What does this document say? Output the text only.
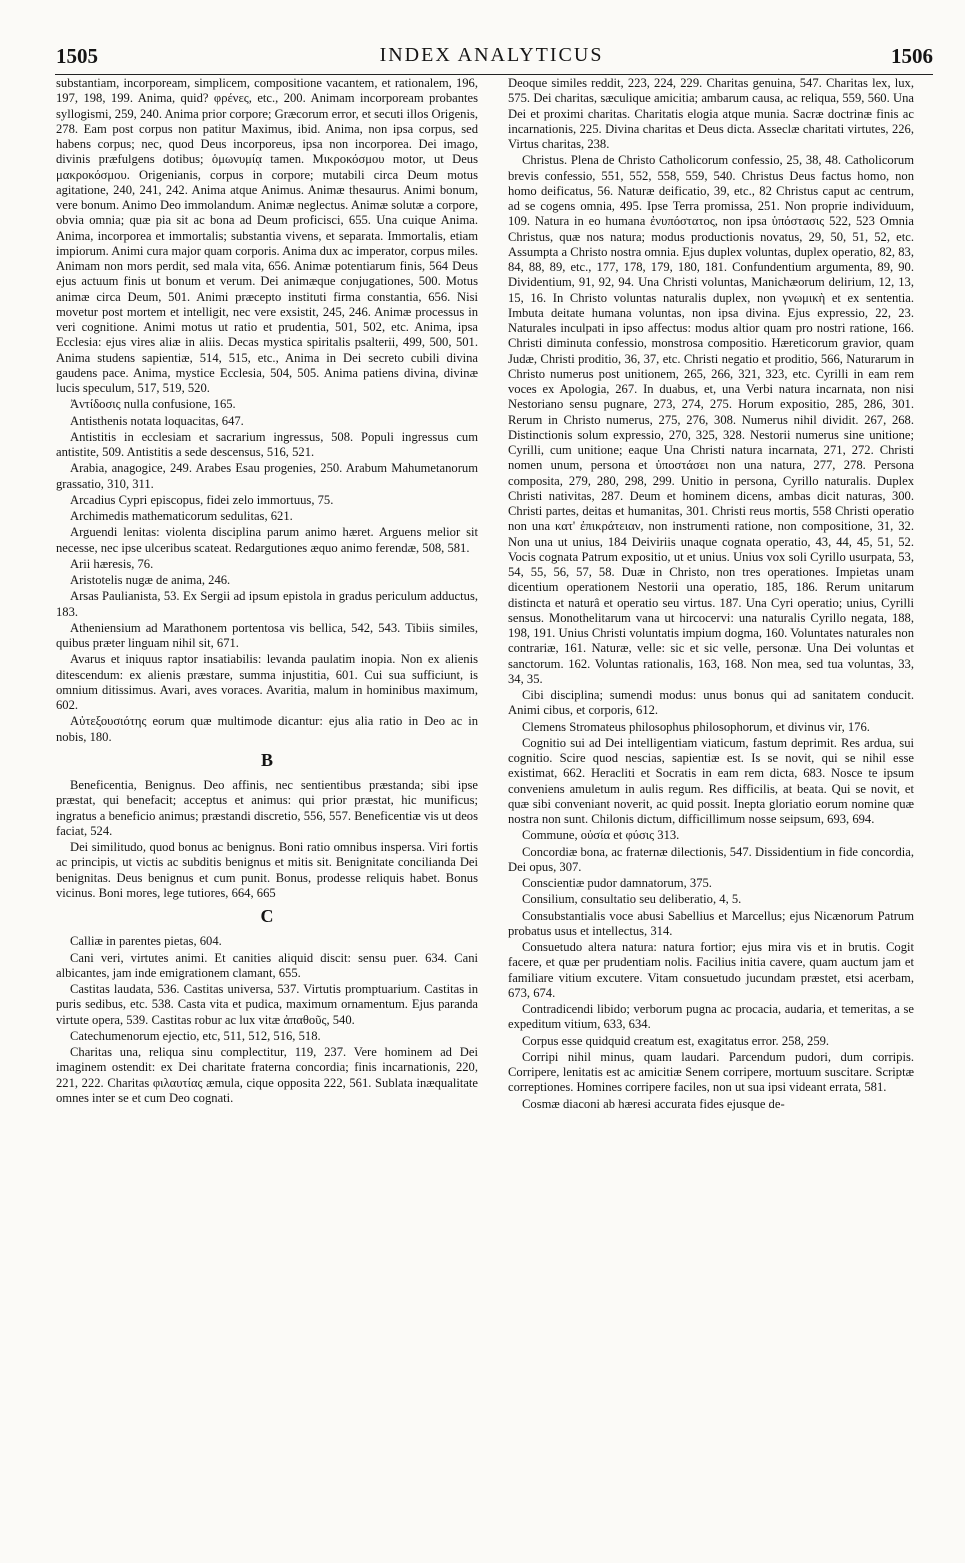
1505	INDEX ANALYTICUS	1506

substantiam, incorpoream, simplicem, compositione vacantem, et rationalem, 196, 197, 198, 199. Anima, quid? φρένες, etc., 200. Animam incorpoream probantes syllogismi, 259, 240. Anima prior corpore; Græcorum error, et secuti illos Origenis, 278. Eam post corpus non patitur Maximus, ibid. Anima, non ipsa corpus, sed habens corpus; nec, quod Deus incorporeus, ipsa non incorporea. Dei imago, divinis præfulgens dotibus; ὁμωνυμίᾳ tamen. Μικροκόσμου motor, ut Deus μακροκόσμου. Origenianis, corpus in corpore; mutabili circa Deum motus agitatione, 240, 241, 242. Anima atque Animus. Animæ thesaurus. Animi bonum, vere bonum. Animo Deo immolandum. Animæ neglectus. Animæ solutæ a corpore, obvia omnia; quæ pia sit ac bona ad Deum proficisci, 655. Una cuique Anima. Anima, incorporea et immortalis; substantia vivens, et separata. Immortalis, etiam impiorum. Animi cura major quam corporis. Anima dux ac imperator, corpus miles. Animam non mors perdit, sed mala vita, 656. Animæ potentiarum finis, 564 Deus ejus actuum finis ut bonum et verum. Dei animæque conjugationes, 500. Motus animæ circa Deum, 501. Animi præcepto instituti firma constantia, 656. Nisi movetur post mortem et intelligit, nec vere exsistit, 245, 246. Animæ processus in veri cognitione. Animi motus ut ratio et prudentia, 501, 502, etc. Anima, ipsa Ecclesia: ejus vires aliæ in aliis. Decas mystica spiritalis psalterii, 499, 500, 501. Anima studens sapientiæ, 514, 515, etc., Anima in Dei secreto cubili divina gaudens pace. Anima, mystice Ecclesia, 504, 505. Anima patiens divina, divinæ lucis speculum, 517, 519, 520.

Ἀντίδοσις nulla confusione, 165.

Antisthenis notata loquacitas, 647.

Antistitis in ecclesiam et sacrarium ingressus, 508. Populi ingressus cum antistite, 509. Antistitis a sede descensus, 516, 521.

Arabia, anagogice, 249. Arabes Esau progenies, 250. Arabum Mahumetanorum grassatio, 310, 311.

Arcadius Cypri episcopus, fidei zelo immortuus, 75.

Archimedis mathematicorum sedulitas, 621.

Arguendi lenitas: violenta disciplina parum animo hæret. Arguens melior sit necesse, nec ipse ulceribus scateat. Redargutiones æquo animo ferendæ, 508, 581.

Arii hæresis, 76.

Aristotelis nugæ de anima, 246.

Arsas Paulianista, 53. Ex Sergii ad ipsum epistola in gradus periculum adductus, 183.

Atheniensium ad Marathonem portentosa vis bellica, 542, 543. Tibiis similes, quibus præter linguam nihil sit, 671.

Avarus et iniquus raptor insatiabilis: levanda paulatim inopia. Non ex alienis ditescendum: ex alienis præstare, summa injustitia, 601. Cui sua sufficiunt, is omnium ditissimus. Avari, aves voraces. Avaritia, malum in hominibus maximum, 602.

Αὐτεξουσιότης eorum quæ multimode dicantur: ejus alia ratio in Deo ac in nobis, 180.

B

Beneficentia, Benignus. Deo affinis, nec sentientibus præstanda; sibi ipse præstat, qui benefacit; acceptus et animus: qui prior præstat, hic munificus; ingratus a beneficio animus; præstandi discretio, 556, 557. Beneficentiæ vis ut deos faciat, 524.

Dei similitudo, quod bonus ac benignus. Boni ratio omnibus inspersa. Viri fortis ac principis, ut victis ac subditis benignus et mitis sit. Benignitate concilianda Dei benignitas. Deus benignus et cum punit. Bonus, prodesse reliquis habet. Bonus vicinus. Boni mores, lege tutiores, 664, 665

C

Calliæ in parentes pietas, 604.

Cani veri, virtutes animi. Et canities aliquid discit: sensu puer. 634. Cani albicantes, jam inde emigrationem clamant, 655.

Castitas laudata, 536. Castitas universa, 537. Virtutis promptuarium. Castitas in puris sedibus, etc. 538. Casta vita et pudica, maximum ornamentum. Ejus paranda virtute opera, 539. Castitas robur ac lux vitæ ἀπαθοῦς, 540.

Catechumenorum ejectio, etc, 511, 512, 516, 518.

Charitas una, reliqua sinu complectitur, 119, 237. Vere hominem ad Dei imaginem ostendit: ex Dei charitate fraterna concordia; finis incarnationis, 220, 221, 222. Charitas φιλαυτίας æmula, cique opposita 222, 561. Sublata inæqualitate omnes inter se et cum Deo cognati.

Deoque similes reddit, 223, 224, 229. Charitas genuina, 547. Charitas lex, lux, 575. Dei charitas, sæculique amicitia; ambarum causa, ac reliqua, 559, 560. Una Dei et proximi charitas. Charitatis elogia atque munia. Sacræ doctrinæ finis ac incarnationis, 225. Divina charitas et Deus dicta. Asseclæ charitati virtutes, 226, Virtus charitas, 238.

Christus. Plena de Christo Catholicorum confessio, 25, 38, 48. Catholicorum brevis confessio, 551, 552, 558, 559, 540. Christus Deus factus homo, non homo deificatus, 56. Naturæ deificatio, 39, etc., 82 Christus caput ac centrum, ad se cogens omnia, 495. Ipse Terra promissa, 251. Non proprie individuum, 109. Natura in eo humana ἐνυπόστατος, non ipsa ὑπόστασις 522, 523 Omnia Christus, quæ nos natura; modus productionis novatus, 29, 50, 51, 52, etc. Assumpta a Christo nostra omnia. Ejus duplex voluntas, duplex operatio, 82, 83, 84, 88, 89, etc., 177, 178, 179, 180, 181. Confundentium argumenta, 89, 90. Dividentium, 91, 92, 94. Una Christi voluntas, Manichæorum delirium, 12, 13, 15, 16. In Christo voluntas naturalis duplex, non γνωμικὴ et ex sententia. Imbuta deitate humana voluntas, non ipsa divina. Ejus expressio, 22, 23. Naturales inculpati in ipso affectus: modus altior quam pro nostri ratione, 166. Christi diminuta confessio, monstrosa compositio. Hæreticorum gravior, quam Judæ, Christi proditio, 36, 37, etc. Christi negatio et proditio, 566, Naturarum in Christo numerus post unitionem, 265, 266, 321, 323, etc. Cyrilli in eam rem voces ex Apologia, 267. In duabus, et, una Verbi natura incarnata, non nisi Nestoriano sensu pugnare, 273, 274, 275. Horum expositio, 285, 286, 301. Rerum in Christo numerus, 275, 276, 308. Numerus nihil dividit. 267, 268. Distinctionis solum expressio, 270, 325, 328. Nestorii numerus sine unitione; Cyrilli, cum unitione; eaque Una Christi natura incarnata, 271, 272. Christi nomen unum, persona et ὑποστάσει non una natura, 277, 278. Persona composita, 279, 280, 298, 299. Unitio in persona, Cyrillo naturalis. Duplex Christi nativitas, 287. Deum et hominem dicens, ambas dicit naturas, 300. Christi partes, deitas et humanitas, 301. Christi reus mortis, 558 Christi operatio non una κατ' ἐπικράτειαν, non instrumenti ratione, non compositione, 31, 32. Non una ut unius, 184 Deiviriis unaque cognata operatio, 43, 44, 45, 51, 52. Vocis cognata Patrum expositio, ut et unius. Unius vox soli Cyrillo usurpata, 53, 54, 55, 56, 57, 58. Duæ in Christo, non tres operationes. Impietas unam dicentium operationem Nestorii una operatio, 185, 186. Rerum unitarum distincta et naturâ et operatio seu virtus. 187. Una Cyri operatio; unius, Cyrilli sensus. Monothelitarum vana ut hircocervi: una naturalis Cyrillo negata, 188, 198, 191. Unius Christi voluntatis impium dogma, 160. Voluntates naturales non contrariæ, 161. Naturæ, velle: sic et sic velle, personæ. Una Dei voluntas et sanctorum. 162. Voluntas rationalis, 163, 168. Non mea, sed tua voluntas, 33, 34, 35.

Cibi disciplina; sumendi modus: unus bonus qui ad sanitatem conducit. Animi cibus, et corporis, 612.

Clemens Stromateus philosophus philosophorum, et divinus vir, 176.

Cognitio sui ad Dei intelligentiam viaticum, fastum deprimit. Res ardua, sui cognitio. Scire quod nescias, sapientiæ est. Is se novit, qui se nihil esse existimat, 662. Heracliti et Socratis in eam rem dicta, 683. Nosce te ipsum conveniens amuletum in aulis regum. Res difficilis, at beata. Qui se novit, et quæ sibi conveniant noverit, ac quid possit. Inepta gloriatio eorum nomine quæ nostra non sunt. Chilonis dictum, difficillimum nosse seipsum, 693, 694.

Commune, οὐσία et φύσις 313.

Concordiæ bona, ac fraternæ dilectionis, 547. Dissidentium in fide concordia, Dei opus, 307.

Conscientiæ pudor damnatorum, 375.

Consilium, consultatio seu deliberatio, 4, 5.

Consubstantialis voce abusi Sabellius et Marcellus; ejus Nicænorum Patrum probatus usus et intellectus, 314.

Consuetudo altera natura: natura fortior; ejus mira vis et in brutis. Cogit facere, et quæ per prudentiam nolis. Facilius initia cavere, quam auctum jam et familiare vitium excutere. Vitam consuetudo jucundam præstet, etsi acerbam, 673, 674.

Contradicendi libido; verborum pugna ac procacia, audaria, et temeritas, a se expeditum vitium, 633, 634.

Corpus esse quidquid creatum est, exagitatus error. 258, 259.

Corripi nihil minus, quam laudari. Parcendum pudori, dum corripis. Corripere, lenitatis est ac amicitiæ Senem corripere, mortuum suscitare. Scriptæ correptiones. Homines corripere faciles, non ut sua ipsi videant errata, 581.

Cosmæ diaconi ab hæresi accurata fides ejusque de-
